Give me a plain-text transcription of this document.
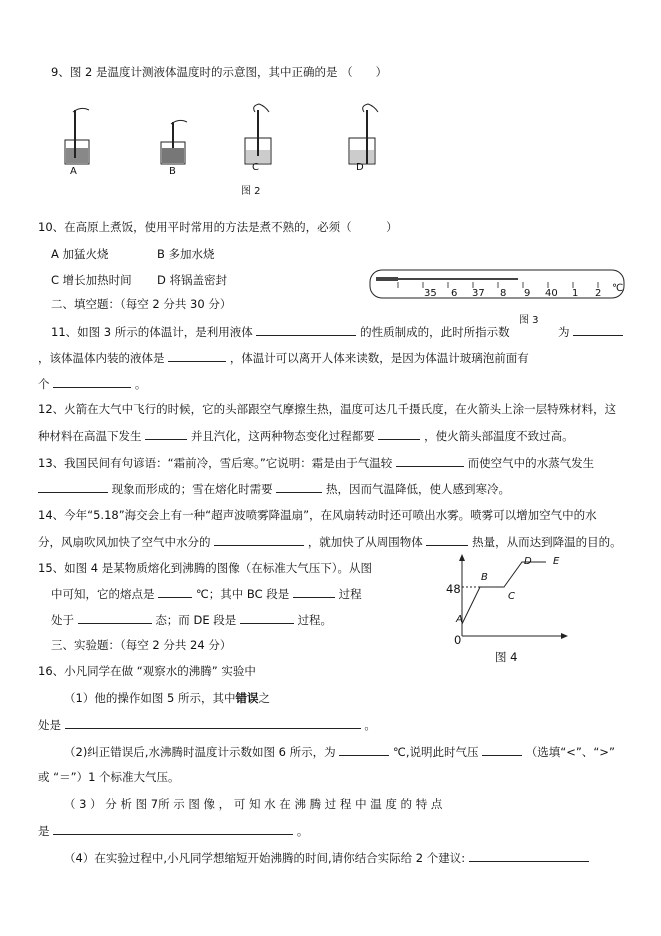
9、图 2 是温度计测液体温度时的示意图，其中正确的是 （　　）
A	B	C	D
图 2
10、在高原上煮饭，使用平时常用的方法是煮不熟的，必须（　　　）
A 加猛火烧	B 多加水烧
C 增长加热时间 D 将锅盖密封
35 6 37 8 9 40 1 2 ℃
图 3
二、填空题：（每空 2 分共 30 分）
11、如图 3 所示的体温计，是利用液体	的性质制成的，此时所指示数	为
，该体温体内装的液体是	，体温计可以离开人体来读数，是因为体温计玻璃泡前面有
个	。
12、火箭在大气中飞行的时候，它的头部跟空气摩擦生热，温度可达几千摄氏度，在火箭头上涂一层特殊材料，这
种材料在高温下发生	并且汽化，这两种物态变化过程都要	，使火箭头部温度不致过高。
13、我国民间有句谚语：“霜前冷，雪后寒。”它说明：霜是由于气温较	而使空气中的水蒸气发生
现象而形成的；雪在熔化时需要	热，因而气温降低，使人感到寒冷。
14、今年“5.18”海交会上有一种“超声波喷雾降温扇”，在风扇转动时还可喷出水雾。喷雾可以增加空气中的水
分，风扇吹风加快了空气中水分的	，就加快了从周围物体	热量，从而达到降温的目的。
15、如图 4 是某物质熔化到沸腾的图像（在标准大气压下）。从图
中可知，它的熔点是	℃；其中 BC 段是	过程
处于	态；而 DE 段是	过程。
48
0
A
B
C
D E
图 4
三、实验题：（每空 2 分共 24 分）
16、小凡同学在做 “观察水的沸腾” 实验中
（1）他的操作如图 5 所示，其中错误之
处是	。
（2)纠正错误后,水沸腾时温度计示数如图 6 所示，为	℃,说明此时气压	（选填“<”、“>”
或 “＝”）1 个标准大气压。
（ 3 ） 分 析 图 7所 示 图 像 ， 可 知 水 在 沸 腾 过 程 中 温 度 的 特 点
是	。
（4）在实验过程中,小凡同学想缩短开始沸腾的时间,请你结合实际给 2 个建议:
